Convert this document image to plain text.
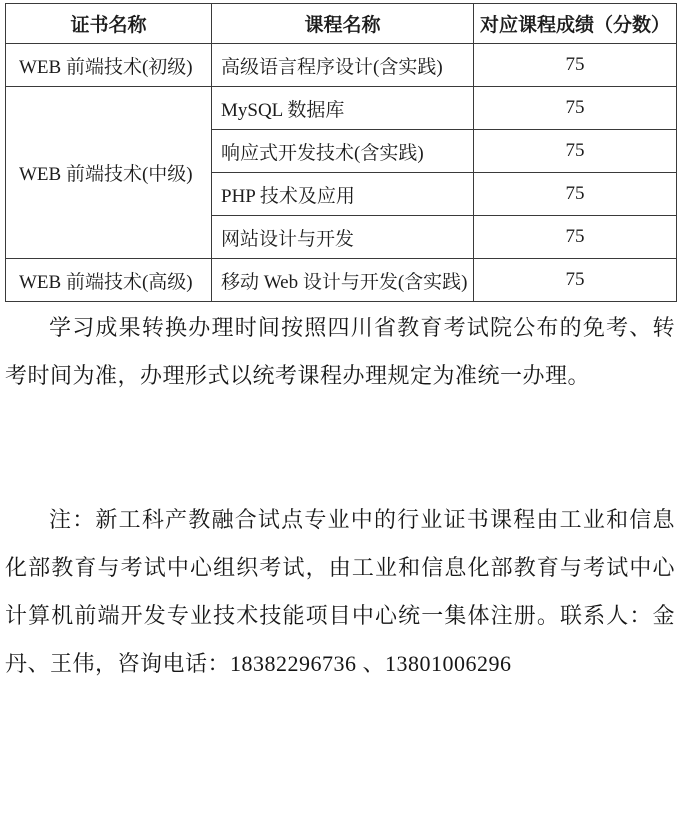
证书名称	课程名称	对应课程成绩（分数）
WEB 前端技术(初级)	高级语言程序设计(含实践)	75
WEB 前端技术(中级)	MySQL 数据库	75
	响应式开发技术(含实践)	75
	PHP 技术及应用	75
	网站设计与开发	75
WEB 前端技术(高级)	移动 Web 设计与开发(含实践)	75
学习成果转换办理时间按照四川省教育考试院公布的免考、转
考时间为准，办理形式以统考课程办理规定为准统一办理。
注：新工科产教融合试点专业中的行业证书课程由工业和信息
化部教育与考试中心组织考试，由工业和信息化部教育与考试中心
计算机前端开发专业技术技能项目中心统一集体注册。联系人：金
丹、王伟，咨询电话：18382296736 、13801006296
